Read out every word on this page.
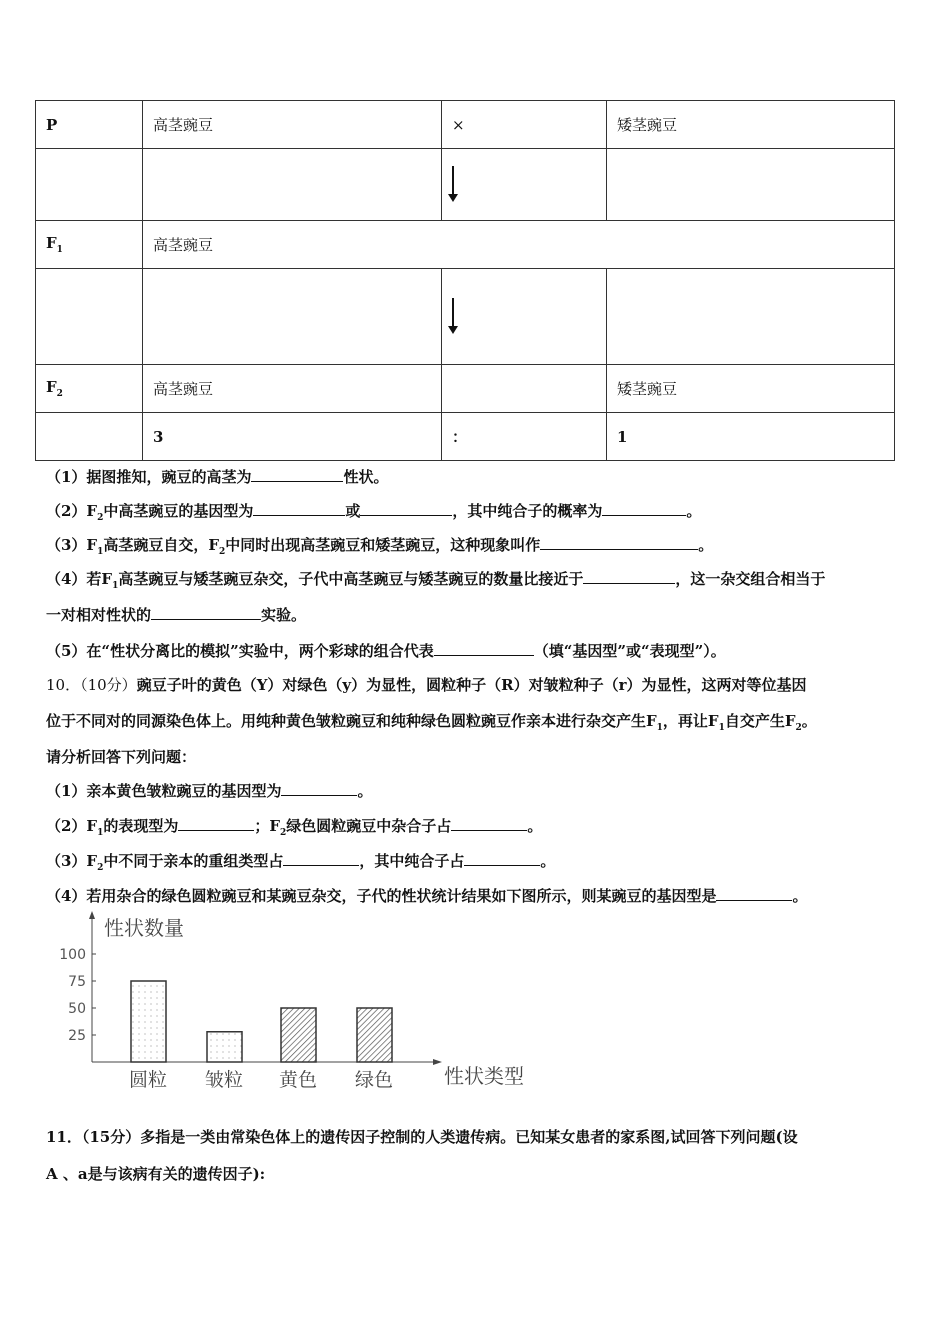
P	高茎豌豆	×	矮茎豌豆

$F_1$	高茎豌豆		

$F_2$	高茎豌豆		矮茎豌豆
	3	：	1
（1）据图推知，豌豆的高茎为	性状。
$(2)F_2$中高茎豌豆的基因型为	或	，其中纯合子的概率为	。
$(3)F_1$高茎豌豆自交，$F_2$中同时出现高茎豌豆和矮茎豌豆，这种现象叫作	。
（4）若$F_1$高茎豌豆与矮茎豌豆杂交，子代中高茎豌豆与矮茎豌豆的数量比接近于	，这一杂交组合相当于
一对相对性状的	实验。
（5）在“性状分离比的模拟”实验中，两个彩球的组合代表	（填“基因型”或“表现型”）。
10．（10分）豌豆子叶的黄色（Y）对绿色（y）为显性，圆粒种子（R）对皱粒种子（r）为显性，这两对等位基因
位于不同对的同源染色体上。用纯种黄色皱粒豌豆和纯种绿色圆粒豌豆作亲本进行杂交产生$F_1$，再让$F_1$自交产生$F_2$。
请分析回答下列问题：
（1）亲本黄色皱粒豌豆的基因型为	。
$(2)F_1$的表现型为	；$F_2$绿色圆粒豌豆中杂合子占	。
$(3)F_2$中不同于亲本的重组类型占	，其中纯合子占	。
（4）若用杂合的绿色圆粒豌豆和某豌豆杂交，子代的性状统计结果如下图所示，则某豌豆的基因型是	。
性状数量
性状类型
100
75
50
25
圆粒 皱粒 黄色 绿色
11．（15分）多指是一类由常染色体上的遗传因子控制的人类遗传病。已知某女患者的家系图,试回答下列问题(设
A 、a是与该病有关的遗传因子):
